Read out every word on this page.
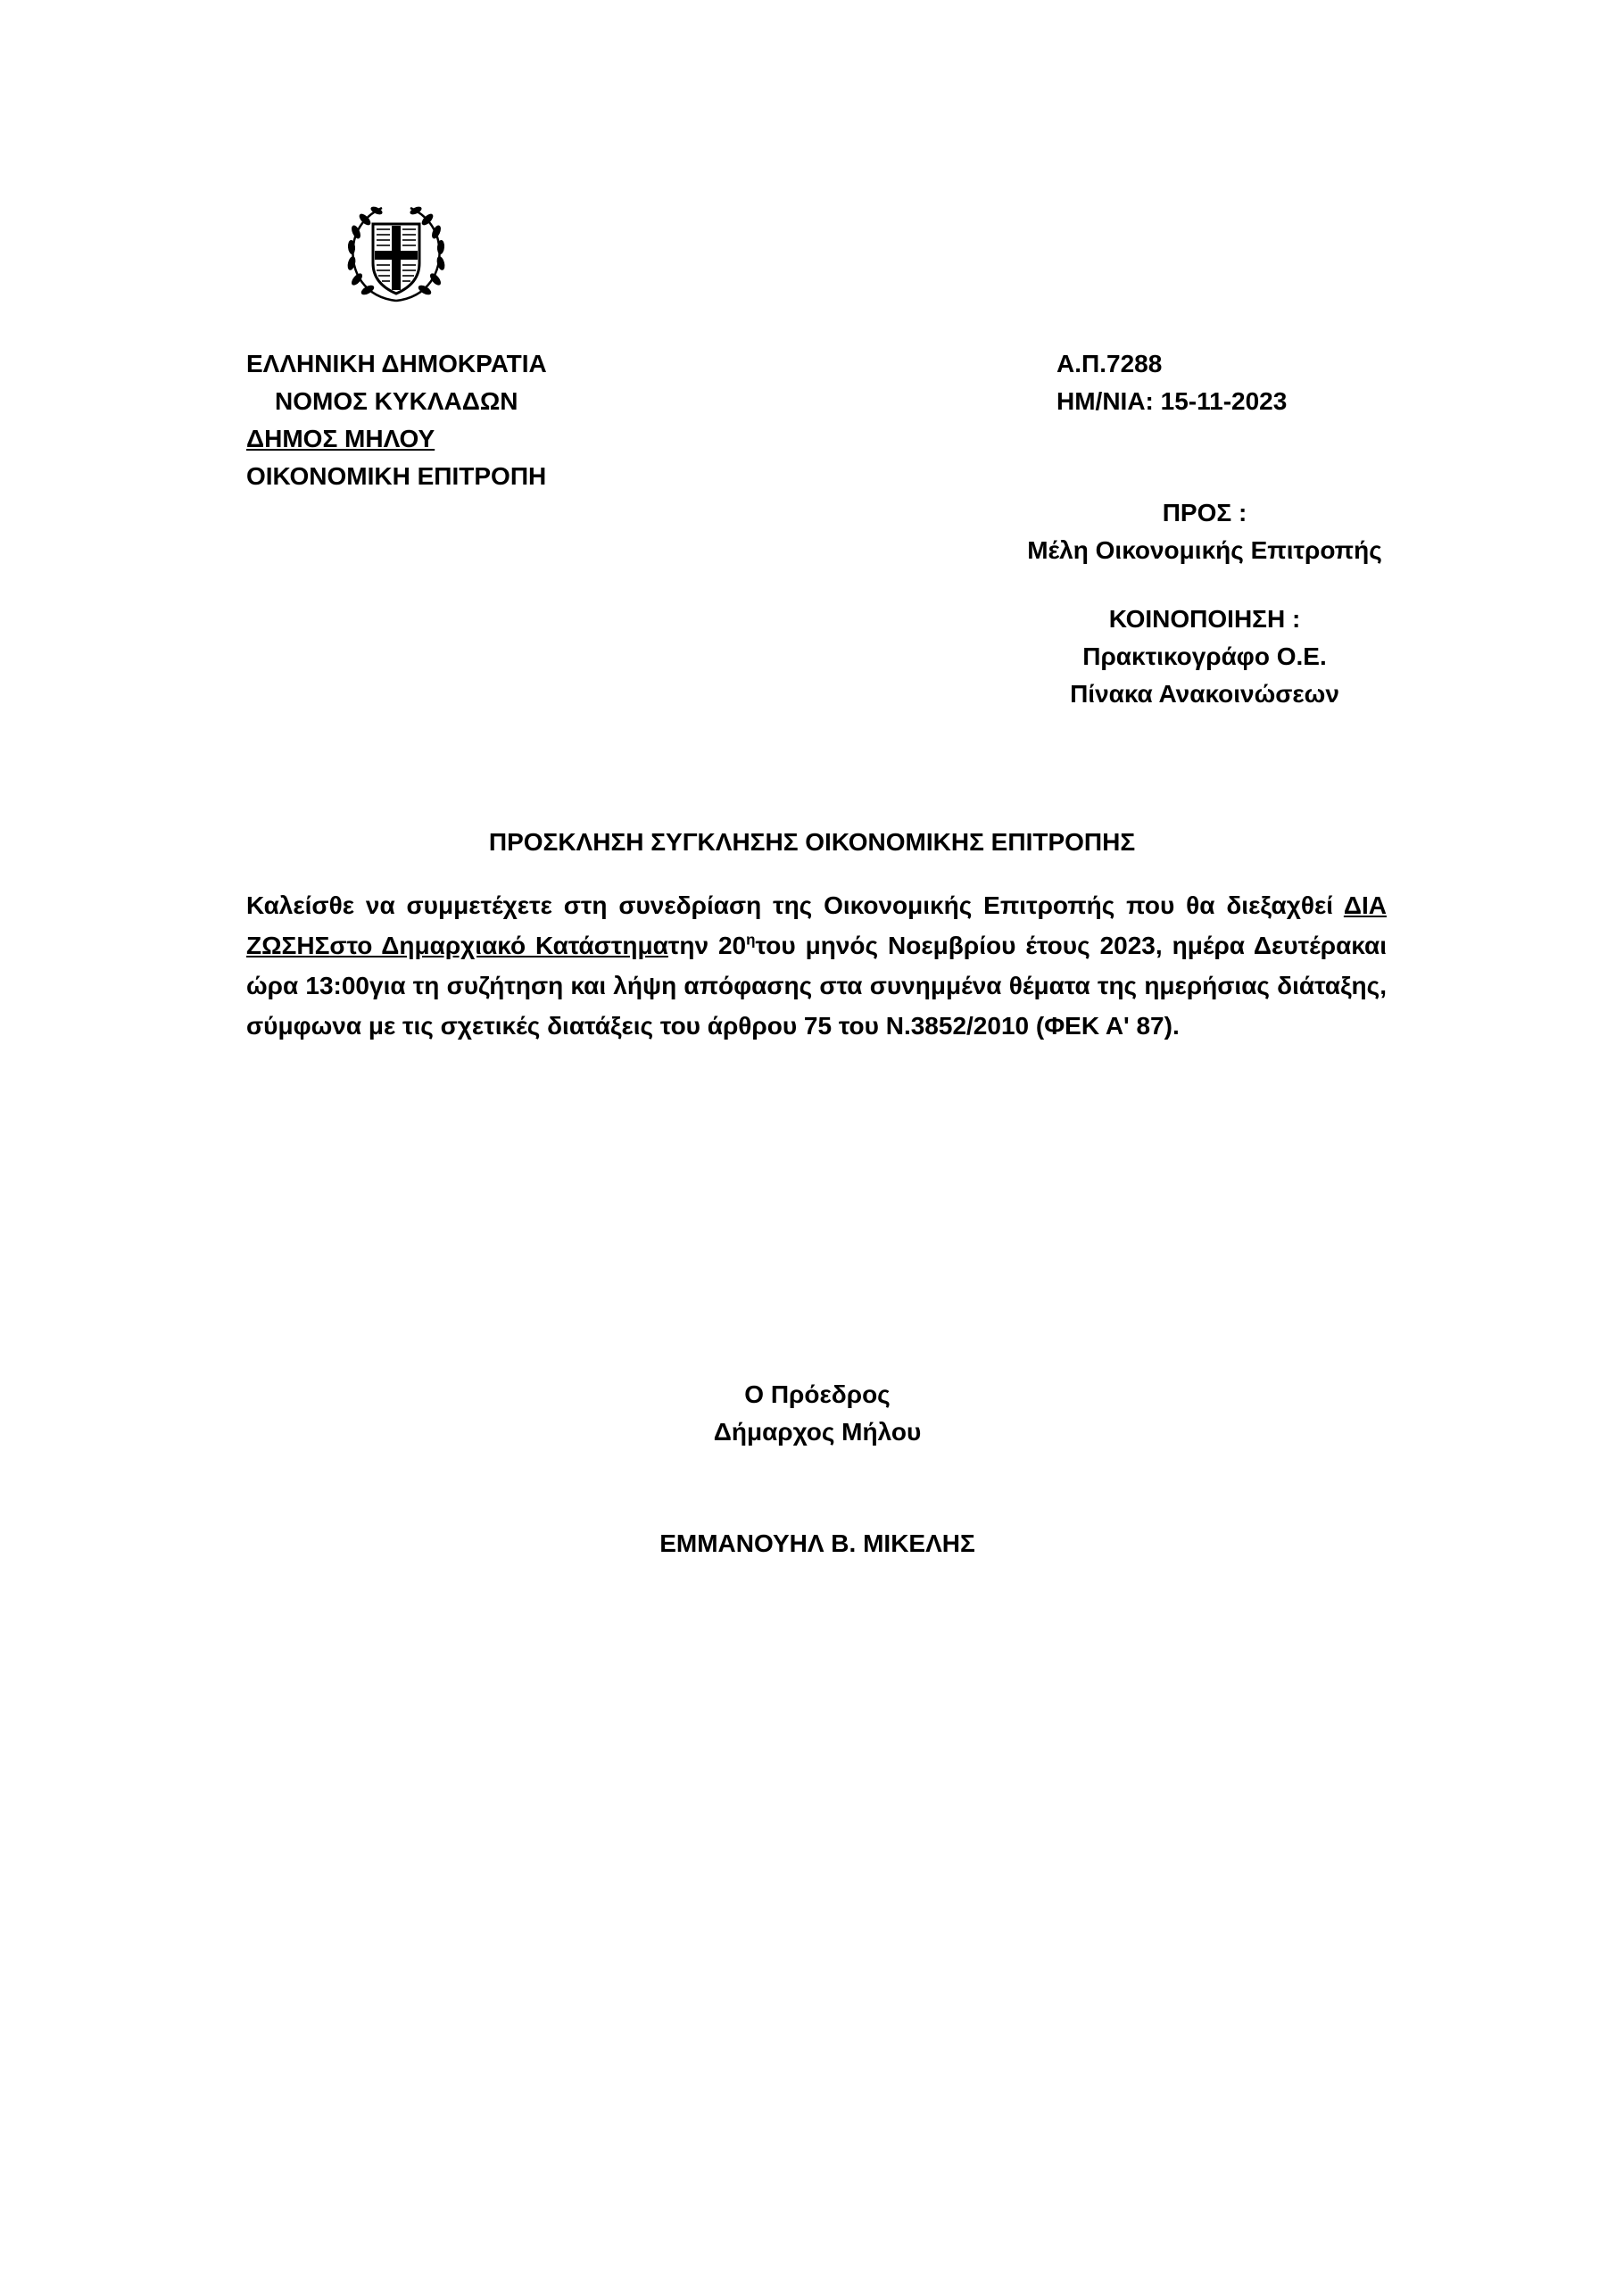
ΕΛΛΗΝΙΚΗ ΔΗΜΟΚΡΑΤΙΑ
ΝΟΜΟΣ ΚΥΚΛΑΔΩΝ
ΔΗΜΟΣ ΜΗΛΟΥ
ΟΙΚΟΝΟΜΙΚΗ ΕΠΙΤΡΟΠΗ
Α.Π.7288
ΗΜ/ΝΙΑ: 15-11-2023
ΠΡΟΣ :
Μέλη Οικονομικής Επιτροπής
ΚΟΙΝΟΠΟΙΗΣΗ :
Πρακτικογράφο Ο.Ε.
Πίνακα Ανακοινώσεων
ΠΡΟΣΚΛΗΣΗ ΣΥΓΚΛΗΣΗΣ ΟΙΚΟΝΟΜΙΚΗΣ ΕΠΙΤΡΟΠΗΣ
Καλείσθε να συμμετέχετε στη συνεδρίαση της Οικονομικής Επιτροπής που θα διεξαχθεί ΔΙΑ ΖΩΣΗΣστο Δημαρχιακό Κατάστηματην $20^\eta\tau o\upsilon$ μηνός Νοεμβρίου έτους 2023, ημέρα Δευτέρακαι ώρα 13:00για τη συζήτηση και λήψη απόφασης στα συνημμένα θέματα της ημερήσιας διάταξης, σύμφωνα με τις σχετικές διατάξεις του άρθρου 75 του Ν.3852/2010 (ΦΕΚ Α' 87).
Ο Πρόεδρος
Δήμαρχος Μήλου
ΕΜΜΑΝΟΥΗΛ Β. ΜΙΚΕΛΗΣ
